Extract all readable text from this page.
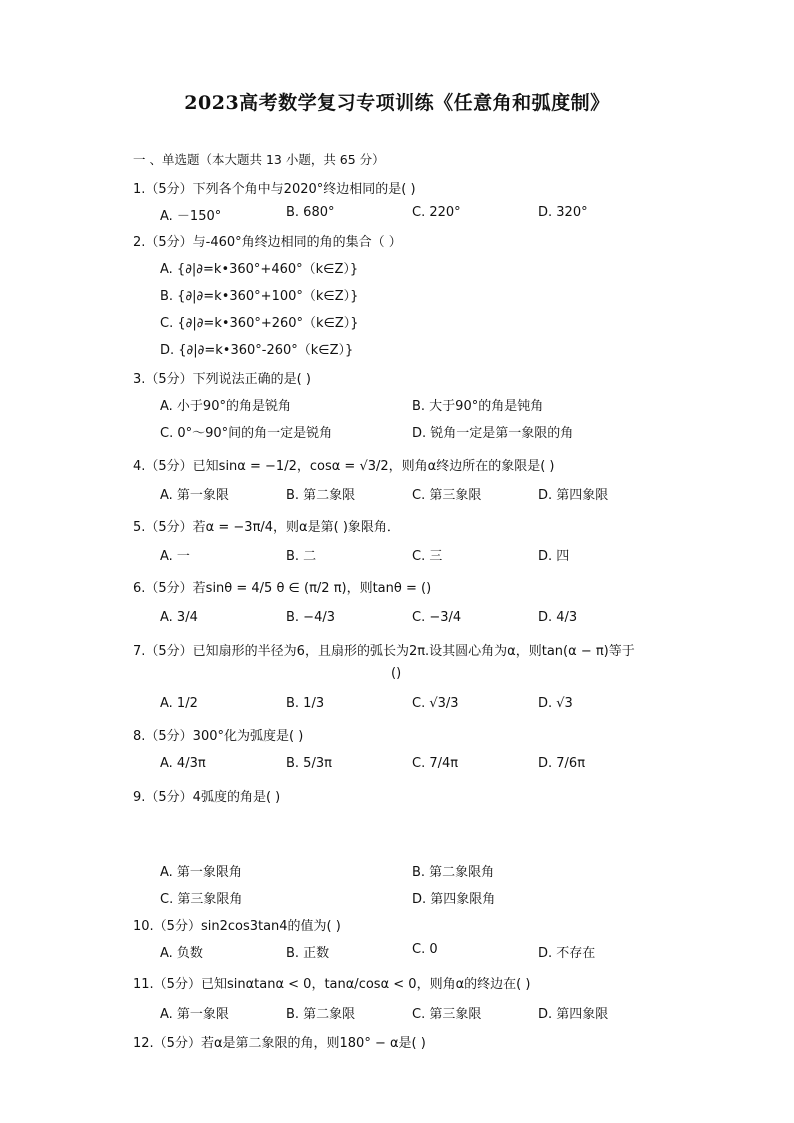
2023高考数学复习专项训练《任意角和弧度制》
一 、单选题（本大题共 13 小题，共 65 分）
1.（5分）下列各个角中与2020°终边相同的是( )
A. －150°	B. 680°	C. 220°	D. 320°
2.（5分）与-460°角终边相同的角的集合（ ）
A. {∂|∂=k•360°+460°（k∈Z）}
B. {∂|∂=k•360°+100°（k∈Z）}
C. {∂|∂=k•360°+260°（k∈Z）}
D. {∂|∂=k•360°-260°（k∈Z）}
3.（5分）下列说法正确的是( )
A. 小于90°的角是锐角	B. 大于90°的角是钝角
C. 0°～90°间的角一定是锐角	D. 锐角一定是第一象限的角
4.（5分）已知sinα = −1/2，cosα = √3/2，则角α终边所在的象限是( )
A. 第一象限	B. 第二象限	C. 第三象限	D. 第四象限
5.（5分）若α = −3π/4，则α是第( )象限角．
A. 一	B. 二	C. 三	D. 四
6.（5分）若sinθ = 4/5 θ ∈ (π/2 π)，则tanθ = ()
A. 3/4	B. −4/3	C. −3/4	D. 4/3
7.（5分）已知扇形的半径为6，且扇形的弧长为2π.设其圆心角为α，则tan(α − π)等于
()
A. 1/2	B. 1/3	C. √3/3	D. √3
8.（5分）300°化为弧度是( )
A. 4/3π	B. 5/3π	C. 7/4π	D. 7/6π
9.（5分）4弧度的角是( )
A. 第一象限角	B. 第二象限角
C. 第三象限角	D. 第四象限角
10.（5分）sin2cos3tan4的值为( )
A. 负数	B. 正数	C. 0	D. 不存在
11.（5分）已知sinαtanα < 0，tanα/cosα < 0，则角α的终边在( )
A. 第一象限	B. 第二象限	C. 第三象限	D. 第四象限
12.（5分）若α是第二象限的角，则180° − α是( )
